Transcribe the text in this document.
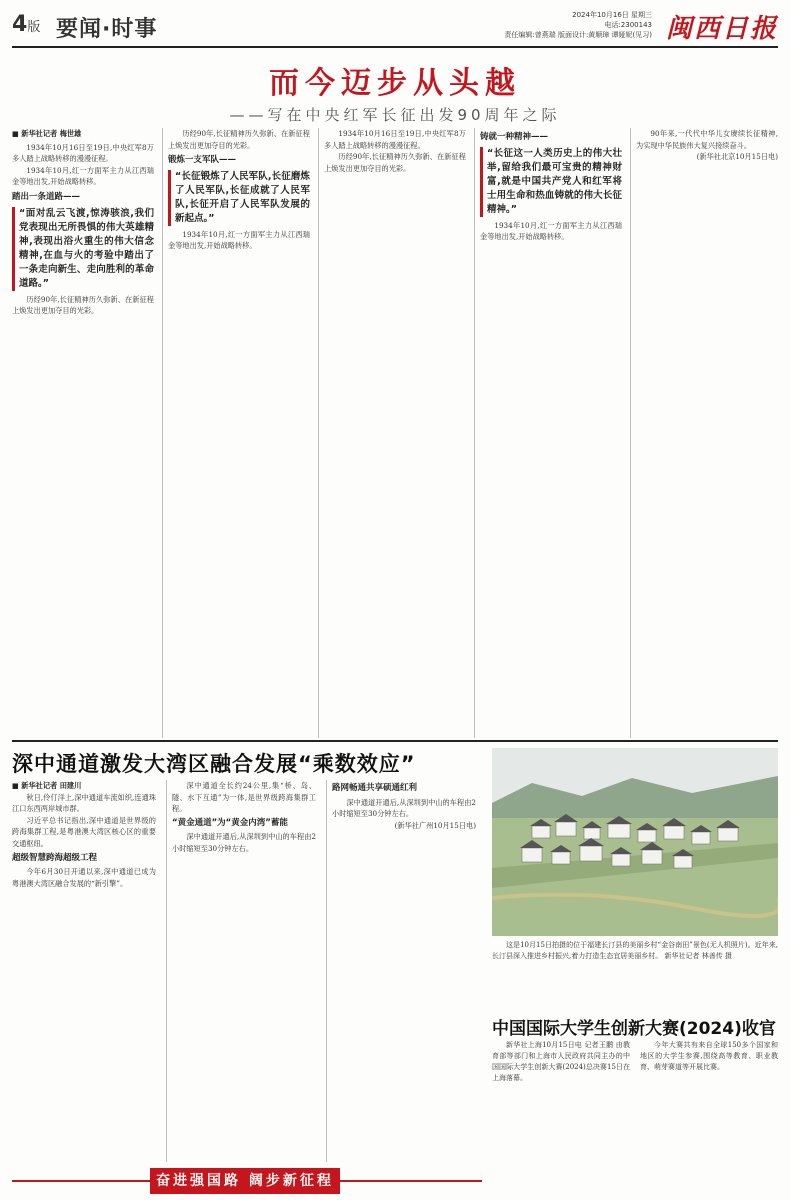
4版 要闻·时事
2024年10月16日 星期三
电话:2300143
责任编辑:曾燕瑞 版面设计:黄顺璋 谭娅妮(见习) 闽西日报
而今迈步从头越
——写在中央红军长征出发90周年之际

■ 新华社记者 梅世雄

1934年10月16日至19日,中央红军8万多人踏上战略转移的漫漫征程。

1934年10月,红一方面军主力从江西瑞金等地出发,开始战略转移。

踏出一条道路——

“面对乱云飞渡,惊涛骇浪,我们党表现出无所畏惧的伟大英雄精神,表现出浴火重生的伟大信念精神,在血与火的考验中踏出了一条走向新生、走向胜利的革命道路。”

历经90年,长征精神历久弥新、在新征程上焕发出更加夺目的光彩。

历经90年,长征精神历久弥新、在新征程上焕发出更加夺目的光彩。

锻炼一支军队——

“长征锻炼了人民军队,长征磨炼了人民军队,长征成就了人民军队,长征开启了人民军队发展的新起点。”

1934年10月,红一方面军主力从江西瑞金等地出发,开始战略转移。

1934年10月16日至19日,中央红军8万多人踏上战略转移的漫漫征程。

历经90年,长征精神历久弥新、在新征程上焕发出更加夺目的光彩。

铸就一种精神——

“长征这一人类历史上的伟大壮举,留给我们最可宝贵的精神财富,就是中国共产党人和红军将士用生命和热血铸就的伟大长征精神。”

1934年10月,红一方面军主力从江西瑞金等地出发,开始战略转移。

90年来,一代代中华儿女赓续长征精神,为实现中华民族伟大复兴接续奋斗。

(新华社北京10月15日电)

深中通道激发大湾区融合发展“乘数效应”

■ 新华社记者 田建川

秋日,伶仃洋上,深中通道车流如织,连通珠江口东西两岸城市群。

习近平总书记指出,深中通道是世界级的跨海集群工程,是粤港澳大湾区核心区的重要交通枢纽。

超级智慧跨海超级工程

今年6月30日开通以来,深中通道已成为粤港澳大湾区融合发展的“新引擎”。

深中通道全长约24公里,集“桥、岛、隧、水下互通”为一体,是世界级跨海集群工程。

“黄金通道”为“黄金内湾”蓄能

深中通道开通后,从深圳到中山的车程由2小时缩短至30分钟左右。

路网畅通共享硕通红利

深中通道开通后,从深圳到中山的车程由2小时缩短至30分钟左右。

(新华社广州10月15日电)

这是10月15日拍摄的位于福建长汀县的美丽乡村“金谷南田”景色(无人机照片)。近年来,长汀县深入推进乡村振兴,着力打造生态宜居美丽乡村。 新华社记者 林善传 摄

中国国际大学生创新大赛(2024)收官

新华社上海10月15日电 记者王鹏 由教育部等部门和上海市人民政府共同主办的中国国际大学生创新大赛(2024)总决赛15日在上海落幕。

今年大赛共有来自全球150多个国家和地区的大学生参赛,围绕高等教育、职业教育、萌芽赛道等开展比赛。

奋进强国路 阔步新征程
